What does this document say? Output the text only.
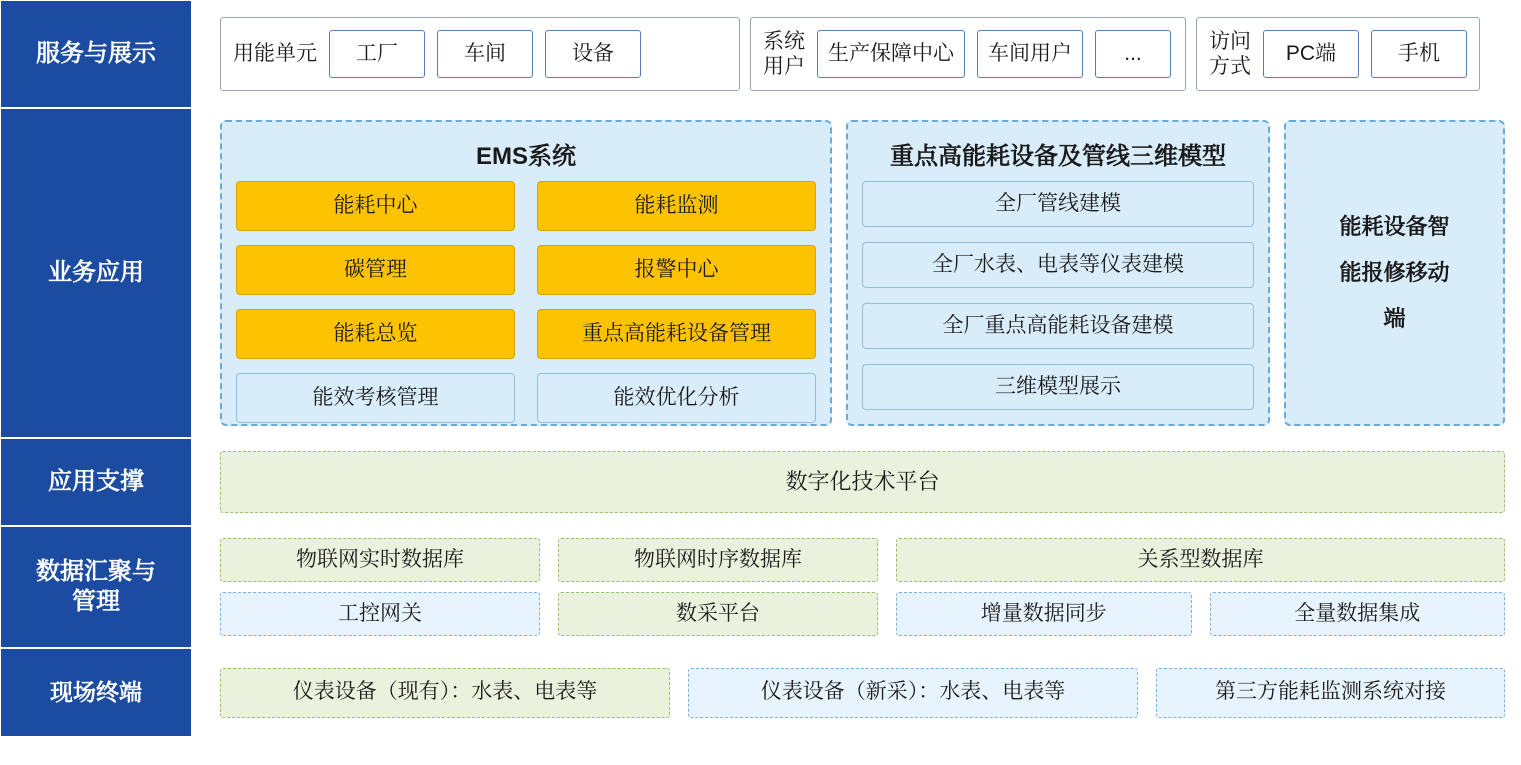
服务与展示	用能单元	工厂	车间	设备
系统
用户
生产保障中心	车间用户	...
访问
方式
PC端	手机
业务应用
EMS系统
能耗中心	能耗监测
碳管理	报警中心
能耗总览	重点高能耗设备管理
能效考核管理	能效优化分析
重点高能耗设备及管线三维模型
全厂管线建模
全厂水表、电表等仪表建模
全厂重点高能耗设备建模
三维模型展示
能耗设备智
能报修移动
端
应用支撑	数字化技术平台
数据汇聚与
管理
物联网实时数据库	物联网时序数据库	关系型数据库
工控网关	数采平台	增量数据同步	全量数据集成
现场终端	仪表设备（现有）：水表、电表等	仪表设备（新采）：水表、电表等	第三方能耗监测系统对接
